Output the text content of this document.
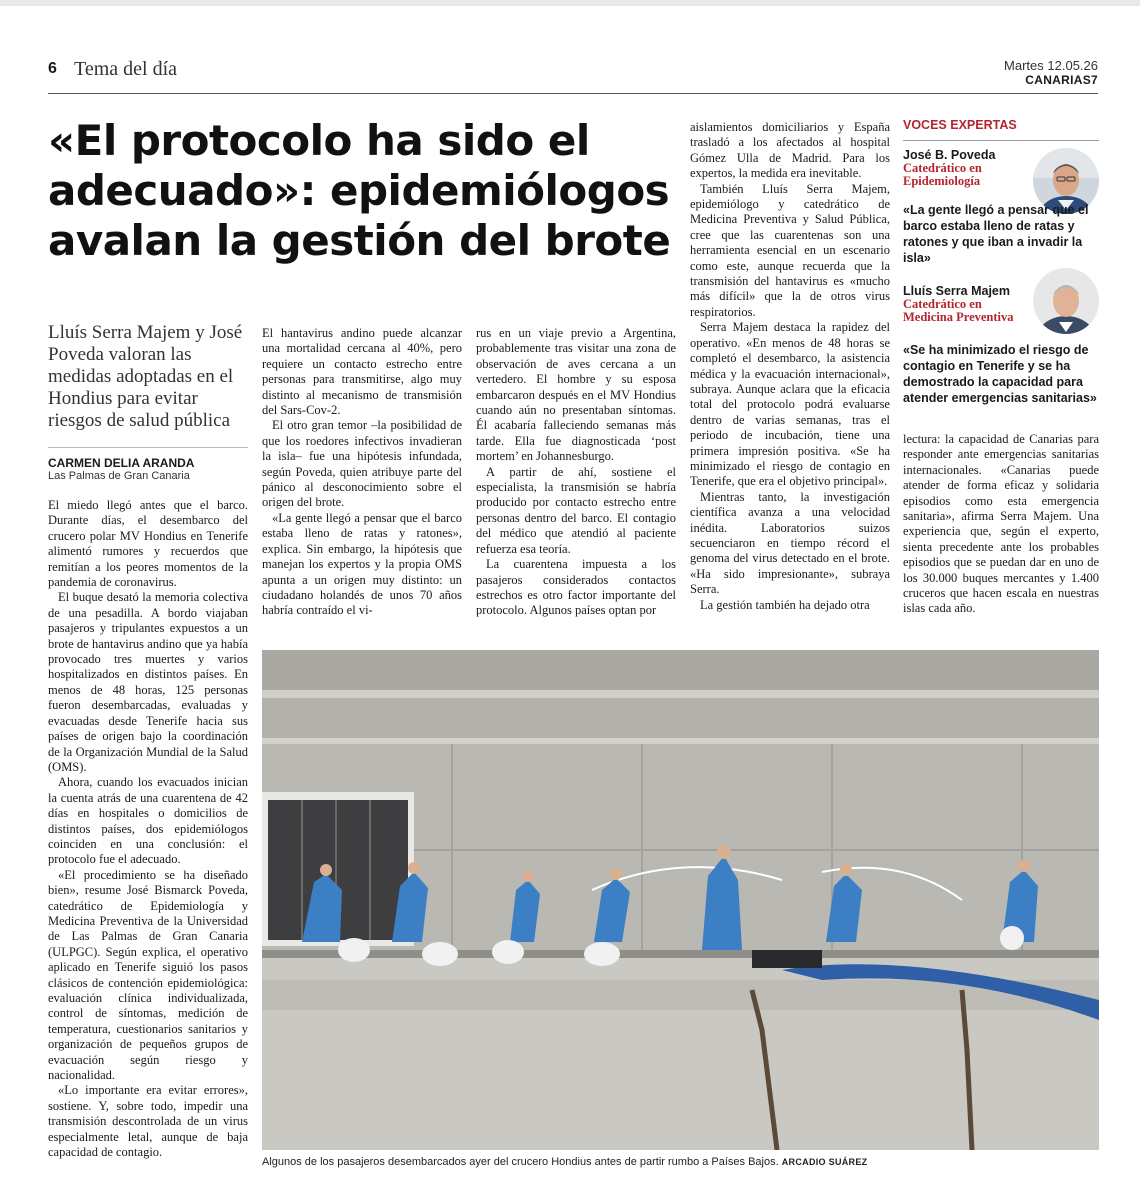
6 Tema del día	Martes 12.05.26
CANARIAS7
«El protocolo ha sido el
adecuado»: epidemiólogos
avalan la gestión del brote

Lluís Serra Majem y José Poveda valoran las medidas adoptadas en el Hondius para evitar riesgos de salud pública

CARMEN DELIA ARANDA
Las Palmas de Gran Canaria

El miedo llegó antes que el barco. Durante días, el desembarco del crucero polar MV Hondius en Tenerife alimentó rumores y recuerdos que remitían a los peores momentos de la pandemia de coronavirus.

El buque desató la memoria colectiva de una pesadilla. A bordo viajaban pasajeros y tripulantes expuestos a un brote de hantavirus andino que ya había provocado tres muertes y varios hospitalizados en distintos países. En menos de 48 horas, 125 personas fueron desembarcadas, evaluadas y evacuadas desde Tenerife hacia sus países de origen bajo la coordinación de la Organización Mundial de la Salud (OMS).

Ahora, cuando los evacuados inician la cuenta atrás de una cuarentena de 42 días en hospitales o domicilios de distintos países, dos epidemiólogos coinciden en una conclusión: el protocolo fue el adecuado.

«El procedimiento se ha diseñado bien», resume José Bismarck Poveda, catedrático de Epidemiología y Medicina Preventiva de la Universidad de Las Palmas de Gran Canaria (ULPGC). Según explica, el operativo aplicado en Tenerife siguió los pasos clásicos de contención epidemiológica: evaluación clínica individualizada, control de síntomas, medición de temperatura, cuestionarios sanitarios y organización de pequeños grupos de evacuación según riesgo y nacionalidad.

«Lo importante era evitar errores», sostiene. Y, sobre todo, impedir una transmisión descontrolada de un virus especialmente letal, aunque de baja capacidad de contagio.

El hantavirus andino puede alcanzar una mortalidad cercana al 40%, pero requiere un contacto estrecho entre personas para transmitirse, algo muy distinto al mecanismo de transmisión del Sars-Cov-2.

El otro gran temor –la posibilidad de que los roedores infectivos invadieran la isla– fue una hipótesis infundada, según Poveda, quien atribuye parte del pánico al desconocimiento sobre el origen del brote.

«La gente llegó a pensar que el barco estaba lleno de ratas y ratones», explica. Sin embargo, la hipótesis que manejan los expertos y la propia OMS apunta a un origen muy distinto: un ciudadano holandés de unos 70 años habría contraído el vi-

rus en un viaje previo a Argentina, probablemente tras visitar una zona de observación de aves cercana a un vertedero. El hombre y su esposa embarcaron después en el MV Hondius cuando aún no presentaban síntomas. Él acabaría falleciendo semanas más tarde. Ella fue diagnosticada ‘post mortem’ en Johannesburgo.

A partir de ahí, sostiene el especialista, la transmisión se habría producido por contacto estrecho entre personas dentro del barco. El contagio del médico que atendió al paciente refuerza esa teoría.

La cuarentena impuesta a los pasajeros considerados contactos estrechos es otro factor importante del protocolo. Algunos países optan por

aislamientos domiciliarios y España trasladó a los afectados al hospital Gómez Ulla de Madrid. Para los expertos, la medida era inevitable.

También Lluís Serra Majem, epidemiólogo y catedrático de Medicina Preventiva y Salud Pública, cree que las cuarentenas son una herramienta esencial en un escenario como este, aunque recuerda que la transmisión del hantavirus es «mucho más difícil» que la de otros virus respiratorios.

Serra Majem destaca la rapidez del operativo. «En menos de 48 horas se completó el desembarco, la asistencia médica y la evacuación internacional», subraya. Aunque aclara que la eficacia total del protocolo podrá evaluarse dentro de varias semanas, tras el periodo de incubación, tiene una primera impresión positiva. «Se ha minimizado el riesgo de contagio en Tenerife, que era el objetivo principal».

Mientras tanto, la investigación científica avanza a una velocidad inédita. Laboratorios suizos secuenciaron en tiempo récord el genoma del virus detectado en el brote. «Ha sido impresionante», subraya Serra.

La gestión también ha dejado otra

VOCES EXPERTAS

José B. Poveda

Catedrático en Epidemiología

«La gente llegó a pensar que el barco estaba lleno de ratas y ratones y que iban a invadir la isla»

Lluís Serra Majem

Catedrático en Medicina Preventiva

«Se ha minimizado el riesgo de contagio en Tenerife y se ha demostrado la capacidad para atender emergencias sanitarias»

lectura: la capacidad de Canarias para responder ante emergencias sanitarias internacionales. «Canarias puede atender de forma eficaz y solidaria episodios como esta emergencia sanitaria», afirma Serra Majem. Una experiencia que, según el experto, sienta precedente ante los probables episodios que se puedan dar en uno de los 30.000 buques mercantes y 1.400 cruceros que hacen escala en nuestras islas cada año.

Algunos de los pasajeros desembarcados ayer del crucero Hondius antes de partir rumbo a Países Bajos. ARCADIO SUÁREZ
